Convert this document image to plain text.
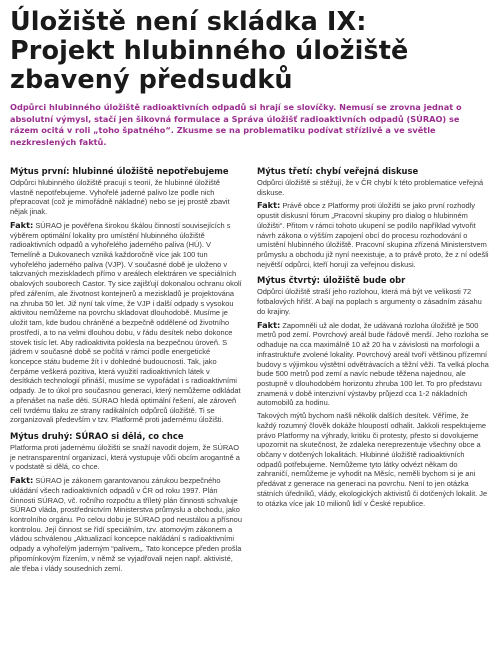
Úložiště není skládka IX:
Projekt hlubinného úložiště
zbavený předsudků

Odpůrci hlubinného úložiště radioaktivních odpadů si hrají se slovíčky. Nemusí se zrovna jednat o absolutní výmysl, stačí jen šikovná formulace a Správa úložišť radioaktivních odpadů (SÚRAO) se rázem ocitá v roli „toho špatného“. Zkusme se na problematiku podívat střízlivě a ve světle nezkreslených faktů.

Mýtus první: hlubinné úložiště nepotřebujeme

Odpůrci hlubinného úložiště pracují s teorií, že hlubinné úložiště vlastně nepotřebujeme. Vyhořelé jaderné palivo lze podle nich přepracovat (což je mimořádně nákladné) nebo se jej prostě zbavit nějak jinak.

Fakt: SÚRAO je pověřena širokou škálou činností souvisejících s výběrem optimální lokality pro umístění hlubinného úložiště radioaktivních odpadů a vyhořelého jaderného paliva (HÚ). V Temelíně a Dukovanech vzniká každoročně více jak 100 tun vyhořelého jaderného paliva (VJP). V současné době je uloženo v takzvaných meziskladech přímo v areálech elektráren ve speciálních obalových souborech Castor. Ty sice zajišťují dokonalou ochranu okolí před zářením, ale životnost kontejnerů a meziskladů je projektována na zhruba 50 let. Již nyní tak víme, že VJP i další odpady s vysokou aktivitou nemůžeme na povrchu skladovat dlouhodobě. Musíme je uložit tam, kde budou chráněné a bezpečně oddělené od životního prostředí, a to na velmi dlouhou dobu, v řádu desítek nebo dokonce stovek tisíc let. Aby radioaktivita poklesla na bezpečnou úroveň. S jádrem v současné době se počítá v rámci podle energetické koncepce státu budeme žít i v dohledné budoucnosti. Tak, jako čerpáme veškerá pozitiva, která využití radioaktivních látek v desítkách technologií přináší, musíme se vypořádat i s radioaktivními odpady. Je to úkol pro současnou generaci, který nemůžeme odkládat a přenášet na naše děti. SÚRAO hledá optimální řešení, ale zároveň celí tvrdému tlaku ze strany radikálních odpůrců úložiště. Ti se zorganizovali především v tzv. Platformě proti jadernému úložišti.

Mýtus druhý: SÚRAO si dělá, co chce

Platforma proti jadernému úložišti se snaží navodit dojem, že SÚRAO je netransparentní organizací, která vystupuje vůči obcím arogantně a v podstatě si dělá, co chce.

Fakt: SÚRAO je zákonem garantovanou zárukou bezpečného ukládání všech radioaktivních odpadů v ČR od roku 1997. Plán činnosti SÚRAO, vč. ročního rozpočtu a tříletý plán činnosti schvaluje SÚRAO vláda, prostřednictvím Ministerstva průmyslu a obchodu, jako kontrolního orgánu. Po celou dobu je SÚRAO pod neustálou a přísnou kontrolou. Její činnost se řídí speciálním, tzv. atomovým zákonem a vládou schválenou „Aktualizací koncepce nakládání s radioaktivními odpady a vyhořelým jaderným “palivem„. Tato koncepce předen prošla připomínkovým řízením, v němž se vyjadřovali nejen např. aktivisté, ale třeba i vlády sousedních zemí.

Mýtus třetí: chybí veřejná diskuse

Odpůrci úložiště si stěžují, že v ČR chybí k této problematice veřejná diskuse.

Fakt: Právě obce z Platformy proti úložišti se jako první rozhodly opustit diskusní fórum „Pracovní skupiny pro dialog o hlubinném úložišti“. Přitom v rámci tohoto ukupení se podílo například vytvořit návrh zákona o výšším zapojení obcí do procesu rozhodování o umístění hlubinného úložiště. Pracovní skupina zřízená Ministerstvem průmyslu a obchodu již nyní neexistuje, a to právě proto, že z ní odešli největší odpůrci, kteří horují za veřejnou diskusi.

Mýtus čtvrtý: úložiště bude obr

Odpůrci úložiště straší jeho rozlohou, která má být ve velikosti 72 fotbalových hřišť. A bají na poplach s argumenty o zásadním zásahu do krajiny.

Fakt: Zapomněli už ale dodat, že udávaná rozloha úložiště je 500 metrů pod zemí. Povrchový areál bude řádově menší. Jeho rozloha se odhaduje na cca maximálně 10 až 20 ha v závislosti na morfologii a infrastruktuře zvolené lokality. Povrchový areál tvoří většinou přízemní budovy s výjimkou výstětní odvětrávacích a těžní věži. Ta velká plocha bude 500 metrů pod zemí a navíc nebude těžena najednou, ale postupně v dlouhodobém horizontu zhruba 100 let. To pro představu znamená v době intenzivní výstavby průjezd cca 1-2 nákladních automobilů za hodinu.

Takových mýtů bychom našli několik dalších desítek. Věříme, že každý rozumný člověk dokáže hloupostí odhalit. Jakkoli respektujeme právo Platformy na výhrady, kritiku či protesty, přesto si dovolujeme upozornit na skutečnost, že zdaleka nereprezentuje všechny obce a občany v dotčených lokalitách. Hlubinné úložiště radioaktivních odpadů potřebujeme. Nemůžeme tyto látky odvézt někam do zahraničí, nemůžeme je vyhodit na Měsíc, neměli bychom si je ani předávat z generace na generaci na povrchu. Není to jen otázka státních úředníků, vlády, ekologických aktivistů či dotčených lokalit. Je to otázka více jak 10 milionů lidí v České republice.
